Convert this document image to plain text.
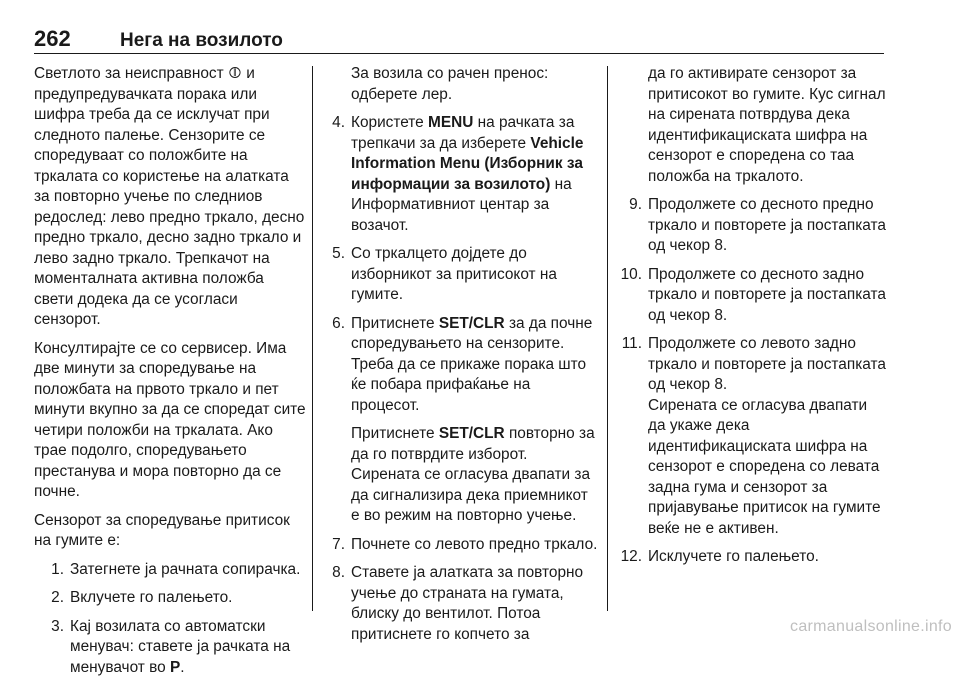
262	Нега на возилото

Светлото за неисправност ⦷ и предупредувачката порака или шифра треба да се исклучат при следното палење. Сензорите се споредуваат со положбите на тркалата со користење на алатката за повторно учење по следниов редослед: лево предно тркало, десно предно тркало, десно задно тркало и лево задно тркало. Трепкачот на моменталната активна положба свети додека да се усогласи сензорот.

Консултирајте се со сервисер. Има две минути за споредување на положбата на првото тркало и пет минути вкупно за да се споредат сите четири положби на тркалата. Ако трае подолго, споредувањето престанува и мора повторно да се почне.

Сензорот за споредување притисок на гумите е:

1. Затегнете ја рачната сопирачка.
2. Вклучете го палењето.
3. Кај возилата со автоматски менувач: ставете ја рачката на менувачот во P.

За возила со рачен пренос: одберете лер.

4. Користете MENU на рачката за трепкачи за да изберете Vehicle Information Menu (Изборник за информации за возилото) на Информативниот центар за возачот.
5. Со тркалцето дојдете до изборникот за притисокот на гумите.
6. Притиснете SET/CLR за да почне споредувањето на сензорите. Треба да се прикаже порака што ќе побара прифаќање на процесот.

Притиснете SET/CLR повторно за да го потврдите изборот. Сирената се огласува двапати за да сигнализира дека приемникот е во режим на повторно учење.

7. Почнете со левото предно тркало.
8. Ставете ја алатката за повторно учење до страната на гумата, блиску до вентилот. Потоа притиснете го копчето за

да го активирате сензорот за притисокот во гумите. Кус сигнал на сирената потврдува дека идентификациската шифра на сензорот е споредена со таа положба на тркалото.

9. Продолжете со десното предно тркало и повторете ја постапката од чекор 8.
10. Продолжете со десното задно тркало и повторете ја постапката од чекор 8.
11. Продолжете со левото задно тркало и повторете ја постапката од чекор 8.
Сирената се огласува двапати да укаже дека идентификациската шифра на сензорот е споредена со левата задна гума и сензорот за пријавување притисок на гумите веќе не е активен.
12. Исклучете го палењето.
carmanualsonline.info
